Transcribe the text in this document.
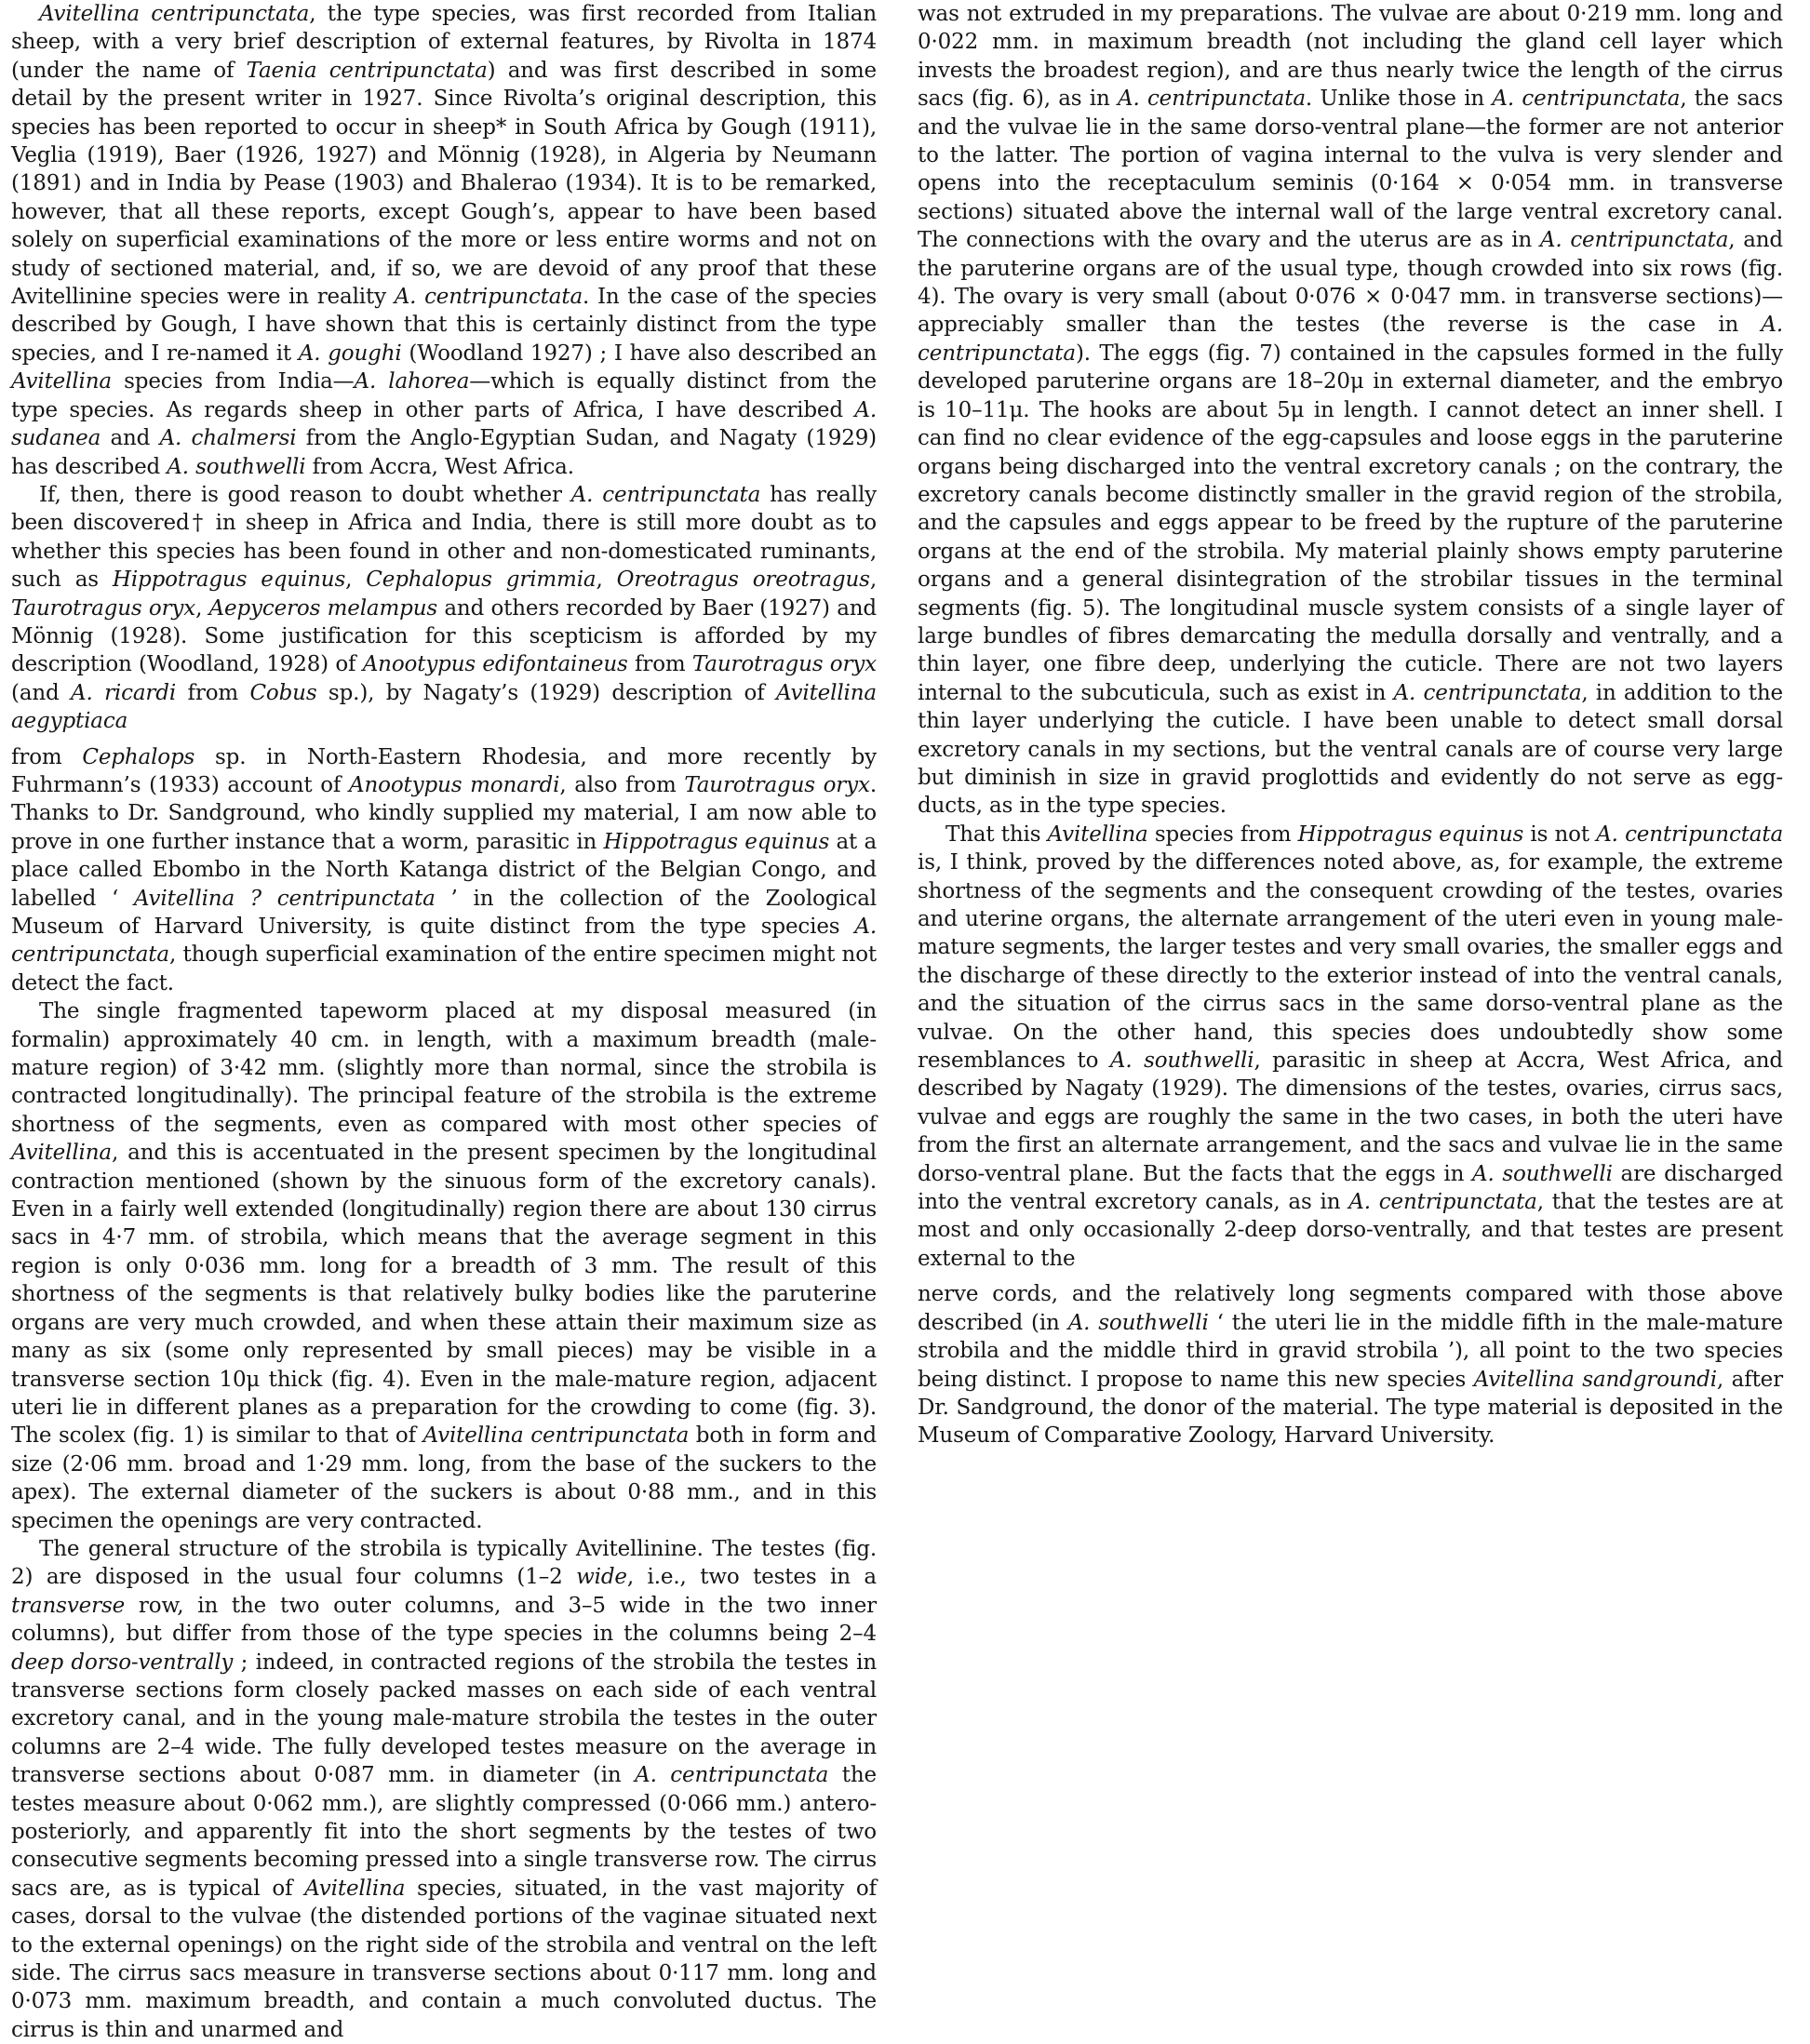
Avitellina centripunctata, the type species, was first recorded from Italian sheep, with a very brief description of external features, by Rivolta in 1874 (under the name of Taenia centripunctata) and was first described in some detail by the present writer in 1927. Since Rivolta’s original description, this species has been reported to occur in sheep* in South Africa by Gough (1911), Veglia (1919), Baer (1926, 1927) and Mönnig (1928), in Algeria by Neumann (1891) and in India by Pease (1903) and Bhalerao (1934). It is to be remarked, however, that all these reports, except Gough’s, appear to have been based solely on superficial examinations of the more or less entire worms and not on study of sectioned material, and, if so, we are devoid of any proof that these Avitellinine species were in reality A. centripunctata. In the case of the species described by Gough, I have shown that this is certainly distinct from the type species, and I re-named it A. goughi (Woodland 1927) ; I have also described an Avitellina species from India—A. lahorea—which is equally distinct from the type species. As regards sheep in other parts of Africa, I have described A. sudanea and A. chalmersi from the Anglo-Egyptian Sudan, and Nagaty (1929) has described A. southwelli from Accra, West Africa.

If, then, there is good reason to doubt whether A. centripunctata has really been discovered† in sheep in Africa and India, there is still more doubt as to whether this species has been found in other and non-domesticated ruminants, such as Hippotragus equinus, Cephalopus grimmia, Oreotragus oreotragus, Taurotragus oryx, Aepyceros melampus and others recorded by Baer (1927) and Mönnig (1928). Some justification for this scepticism is afforded by my description (Woodland, 1928) of Anootypus edifontaineus from Taurotragus oryx (and A. ricardi from Cobus sp.), by Nagaty’s (1929) description of Avitellina aegyptiaca

from Cephalops sp. in North-Eastern Rhodesia, and more recently by Fuhrmann’s (1933) account of Anootypus monardi, also from Taurotragus oryx. Thanks to Dr. Sandground, who kindly supplied my material, I am now able to prove in one further instance that a worm, parasitic in Hippotragus equinus at a place called Ebombo in the North Katanga district of the Belgian Congo, and labelled ‘ Avitellina ? centripunctata ’ in the collection of the Zoological Museum of Harvard University, is quite distinct from the type species A. centripunctata, though superficial examination of the entire specimen might not detect the fact.

The single fragmented tapeworm placed at my disposal measured (in formalin) approximately 40 cm. in length, with a maximum breadth (male-mature region) of 3·42 mm. (slightly more than normal, since the strobila is contracted longitudinally). The principal feature of the strobila is the extreme shortness of the segments, even as compared with most other species of Avitellina, and this is accentuated in the present specimen by the longitudinal contraction mentioned (shown by the sinuous form of the excretory canals). Even in a fairly well extended (longitudinally) region there are about 130 cirrus sacs in 4·7 mm. of strobila, which means that the average segment in this region is only 0·036 mm. long for a breadth of 3 mm. The result of this shortness of the segments is that relatively bulky bodies like the paruterine organs are very much crowded, and when these attain their maximum size as many as six (some only represented by small pieces) may be visible in a transverse section 10μ thick (fig. 4). Even in the male-mature region, adjacent uteri lie in different planes as a preparation for the crowding to come (fig. 3). The scolex (fig. 1) is similar to that of Avitellina centripunctata both in form and size (2·06 mm. broad and 1·29 mm. long, from the base of the suckers to the apex). The external diameter of the suckers is about 0·88 mm., and in this specimen the openings are very contracted.

The general structure of the strobila is typically Avitellinine. The testes (fig. 2) are disposed in the usual four columns (1–2 wide, i.e., two testes in a transverse row, in the two outer columns, and 3–5 wide in the two inner columns), but differ from those of the type species in the columns being 2–4 deep dorso-ventrally ; indeed, in contracted regions of the strobila the testes in transverse sections form closely packed masses on each side of each ventral excretory canal, and in the young male-mature strobila the testes in the outer columns are 2–4 wide. The fully developed testes measure on the average in transverse sections about 0·087 mm. in diameter (in A. centripunctata the testes measure about 0·062 mm.), are slightly compressed (0·066 mm.) antero-posteriorly, and apparently fit into the short segments by the testes of two consecutive segments becoming pressed into a single transverse row. The cirrus sacs are, as is typical of Avitellina species, situated, in the vast majority of cases, dorsal to the vulvae (the distended portions of the vaginae situated next to the external openings) on the right side of the strobila and ventral on the left side. The cirrus sacs measure in transverse sections about 0·117 mm. long and 0·073 mm. maximum breadth, and contain a much convoluted ductus. The cirrus is thin and unarmed and

was not extruded in my preparations. The vulvae are about 0·219 mm. long and 0·022 mm. in maximum breadth (not including the gland cell layer which invests the broadest region), and are thus nearly twice the length of the cirrus sacs (fig. 6), as in A. centripunctata. Unlike those in A. centripunctata, the sacs and the vulvae lie in the same dorso-ventral plane—the former are not anterior to the latter. The portion of vagina internal to the vulva is very slender and opens into the receptaculum seminis (0·164 × 0·054 mm. in transverse sections) situated above the internal wall of the large ventral excretory canal. The connections with the ovary and the uterus are as in A. centripunctata, and the paruterine organs are of the usual type, though crowded into six rows (fig. 4). The ovary is very small (about 0·076 × 0·047 mm. in transverse sections)—appreciably smaller than the testes (the reverse is the case in A. centripunctata). The eggs (fig. 7) contained in the capsules formed in the fully developed paruterine organs are 18–20μ in external diameter, and the embryo is 10–11μ. The hooks are about 5μ in length. I cannot detect an inner shell. I can find no clear evidence of the egg-capsules and loose eggs in the paruterine organs being discharged into the ventral excretory canals ; on the contrary, the excretory canals become distinctly smaller in the gravid region of the strobila, and the capsules and eggs appear to be freed by the rupture of the paruterine organs at the end of the strobila. My material plainly shows empty paruterine organs and a general disintegration of the strobilar tissues in the terminal segments (fig. 5). The longitudinal muscle system consists of a single layer of large bundles of fibres demarcating the medulla dorsally and ventrally, and a thin layer, one fibre deep, underlying the cuticle. There are not two layers internal to the subcuticula, such as exist in A. centripunctata, in addition to the thin layer underlying the cuticle. I have been unable to detect small dorsal excretory canals in my sections, but the ventral canals are of course very large but diminish in size in gravid proglottids and evidently do not serve as egg-ducts, as in the type species.

That this Avitellina species from Hippotragus equinus is not A. centripunctata is, I think, proved by the differences noted above, as, for example, the extreme shortness of the segments and the consequent crowding of the testes, ovaries and uterine organs, the alternate arrangement of the uteri even in young male-mature segments, the larger testes and very small ovaries, the smaller eggs and the discharge of these directly to the exterior instead of into the ventral canals, and the situation of the cirrus sacs in the same dorso-ventral plane as the vulvae. On the other hand, this species does undoubtedly show some resemblances to A. southwelli, parasitic in sheep at Accra, West Africa, and described by Nagaty (1929). The dimensions of the testes, ovaries, cirrus sacs, vulvae and eggs are roughly the same in the two cases, in both the uteri have from the first an alternate arrangement, and the sacs and vulvae lie in the same dorso-ventral plane. But the facts that the eggs in A. southwelli are discharged into the ventral excretory canals, as in A. centripunctata, that the testes are at most and only occasionally 2-deep dorso-ventrally, and that testes are present external to the

nerve cords, and the relatively long segments compared with those above described (in A. southwelli ‘ the uteri lie in the middle fifth in the male-mature strobila and the middle third in gravid strobila ’), all point to the two species being distinct. I propose to name this new species Avitellina sandgroundi, after Dr. Sandground, the donor of the material. The type material is deposited in the Museum of Comparative Zoology, Harvard University.
